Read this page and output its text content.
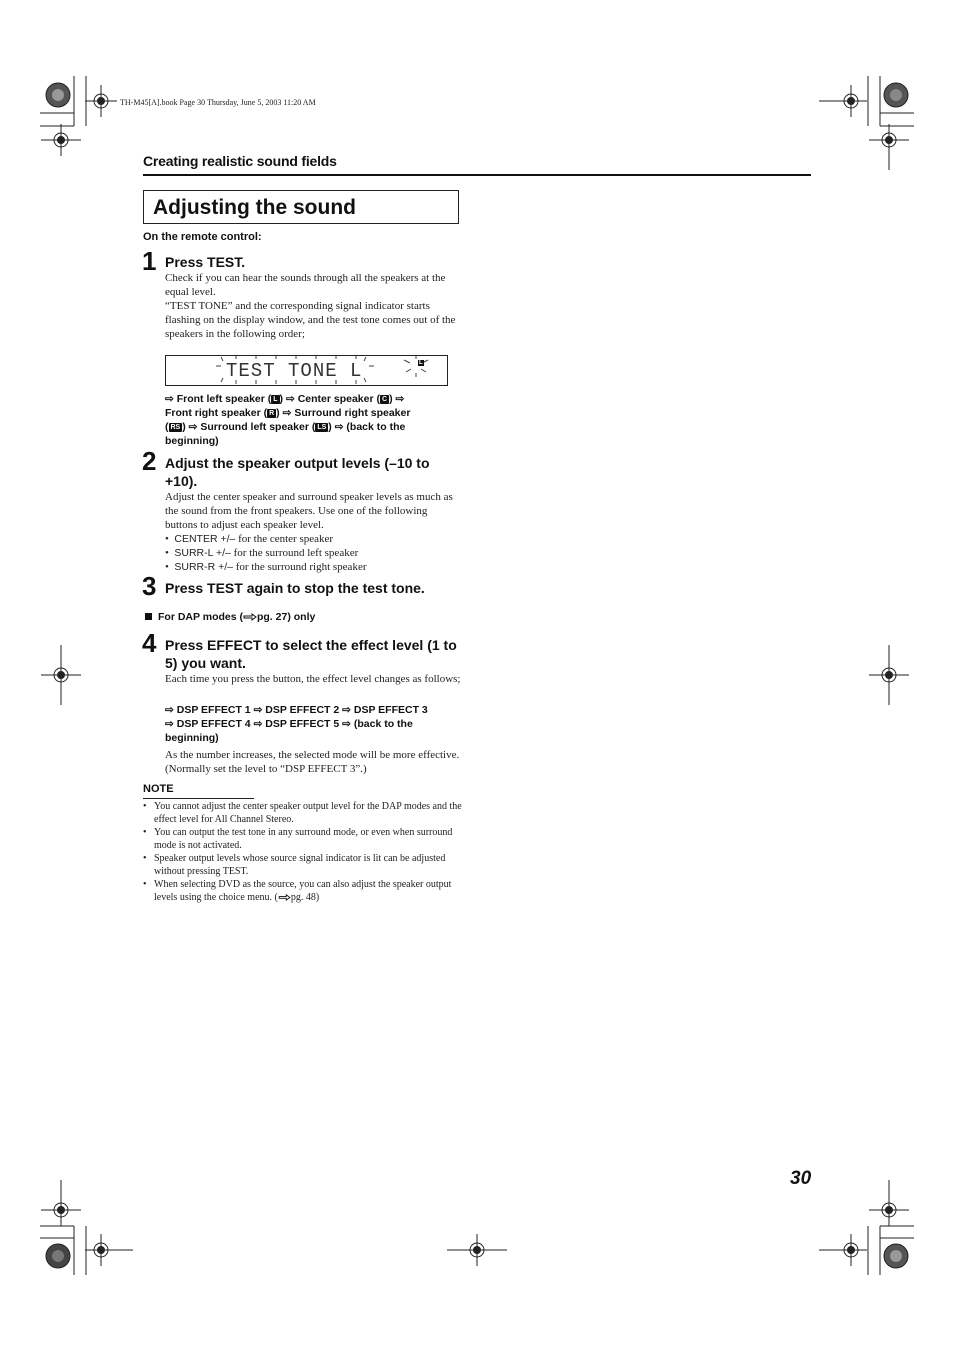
TH-M45[A].book Page 30 Thursday, June 5, 2003 11:20 AM
Creating realistic sound fields
Adjusting the sound
On the remote control:
1 Press TEST.
Check if you can hear the sounds through all the speakers at the equal level.
“TEST TONE” and the corresponding signal indicator starts flashing on the display window, and the test tone comes out of the speakers in the following order;
TEST TONE L	L
⇨ Front left speaker ( L ) ⇨ Center speaker ( C ) ⇨
Front right speaker ( R ) ⇨ Surround right speaker
( RS ) ⇨ Surround left speaker ( LS ) ⇨ (back to the
beginning)
2 Adjust the speaker output levels (–10 to +10).
Adjust the center speaker and surround speaker levels as much as the sound from the front speakers. Use one of the following buttons to adjust each speaker level.
•  CENTER +/– for the center speaker
•  SURR-L +/– for the surround left speaker
•  SURR-R +/– for the surround right speaker
3 Press TEST again to stop the test tone.
For DAP modes ( pg. 27) only
4 Press EFFECT to select the effect level (1 to 5) you want.
Each time you press the button, the effect level changes as follows;
⇨ DSP EFFECT 1 ⇨ DSP EFFECT 2 ⇨ DSP EFFECT 3
⇨ DSP EFFECT 4 ⇨ DSP EFFECT 5 ⇨ (back to the
beginning)
As the number increases, the selected mode will be more effective. (Normally set the level to “DSP EFFECT 3”.)
NOTE
• You cannot adjust the center speaker output level for the DAP modes and the effect level for All Channel Stereo.
• You can output the test tone in any surround mode, or even when surround mode is not activated.
• Speaker output levels whose source signal indicator is lit can be adjusted without pressing TEST.
• When selecting DVD as the source, you can also adjust the speaker output levels using the choice menu. ( pg. 48)
30
